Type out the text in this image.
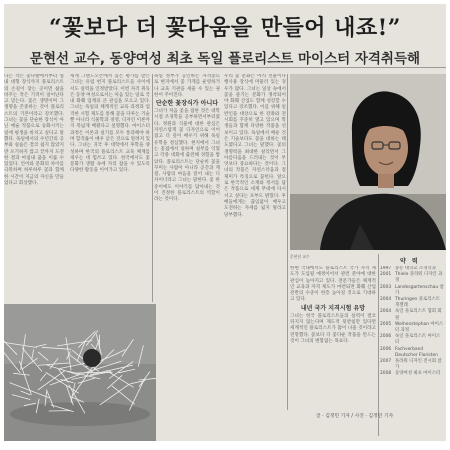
“꽃보다 더 꽃다움을 만들어 내죠!”
문현선 교수, 동양여성 최초 독일 플로리스트 마이스터 자격취득해

나는 작은 꽃다발에서부터 실내 대형 장식까지 플로리스트의 손길이 닿는 곳이면 삶을 바꾸는 작은 기적이 일어난다고 믿는다. 꽃은 생명이며 그 생명을 존중하는 것이 플로리스트의 기본이라고 강조했다. 그녀는 꽃을 단순한 장식이 아닌 예술 작품으로 승화시키는 일에 평생을 바치고 싶다고 말했다. 독일에서의 수년간의 공부와 실습은 결코 쉽지 않았지만 포기하지 않고 끝까지 도전한 결과 마침내 꿈을 이룰 수 있었다. 언어와 문화의 차이를 극복하며 하루하루 꽃과 함께한 시간이 지금의 자신을 만들었다고 회상했다.

세계 그랜드오픈에서 높은 평가를 받은 그녀는 유럽 현지 플로리스트들 사이에서도 실력을 인정받았다. 이번 자격 취득은 동양 여성으로서는 처음 있는 일로 국내 화훼 업계의 큰 관심을 모으고 있다. 그녀는 독일의 체계적인 교육 과정과 엄격한 시험 제도를 통해 꽃을 다루는 기술뿐 아니라 식물학과 경영, 디자인 이론까지 폭넓게 배웠다고 설명했다. 마이스터 과정은 이론과 실기를 모두 통과해야 하며 합격률이 매우 낮은 것으로 알려져 있다. 그녀는 귀국 후 대학에서 후학을 양성하며 한국의 플로리스트 교육 체계를 세우는 데 힘쓰고 있다. 한국에서도 꽃 문화가 생활 속에 자리 잡을 수 있도록 다양한 활동을 이어가고 있다.

독일 정부가 공인하는 자격증으로 현지에서 꽃 가게를 운영하거나 교육 기관을 세울 수 있는 권한이 주어진다.

단순한 꽃장식가 아니다

그녀가 처음 꽃을 접한 것은 대학 시절 조경학을 공부하면서부터였다. 정원과 식물에 대한 관심은 자연스럽게 꽃 디자인으로 이어졌고 더 깊이 배우기 위해 독일 유학을 결심했다. 현지에서 그녀는 꽃집에서 일하며 실무를 익혔고 각종 대회에 출전해 경험을 쌓았다. 플로리스트는 단순히 꽃을 꾸미는 사람이 아니라 공간과 계절, 사람의 마음을 읽어 내는 디자이너라고 그녀는 말한다. 꽃 한 송이에도 이야기를 담아내는 것이 진정한 플로리스트의 역할이라는 것이다.

우리 꽃 문화는 아직 선물이나 행사용 장식에 머물러 있는 경우가 많다. 그녀는 일상 속에서 꽃을 즐기는 문화가 정착되어야 화훼 산업도 함께 성장할 수 있다고 강조했다. 이를 위해 일반인을 대상으로 한 강좌와 전시회를 꾸준히 열고 있으며 학생들과 함께 다양한 작품을 선보이고 있다. 독일에서 배운 것은 기술보다도 꽃을 대하는 태도였다고 그녀는 말했다. 꽃의 생명력을 최대한 살리면서 그 아름다움을 드러내는 것이 무엇보다 중요하다는 것이다. 그녀의 작품은 자연스러움과 절제미가 특징으로 꼽힌다. 앞으로 한국적인 소재와 정서를 담은 작품으로 세계 무대에 다시 서고 싶다는 포부도 밝혔다. 후배들에게는 끊임없이 배우고 도전하는 자세를 잃지 말라고 당부했다.

한편 국내에서도 플로리스트 국가 자격 제도가 도입될 예정이어서 관련 분야에 대한 관심이 높아지고 있다. 전문가들은 체계적인 교육과 자격 제도가 마련되면 화훼 산업 전반의 수준이 한층 높아질 것으로 기대하고 있다.

내년 국가 지격시험 유망

그녀는 한국 플로리스트들의 실력이 결코 뒤지지 않는다며 제도적 뒷받침만 있다면 세계적인 플로리스트가 많이 나올 것이라고 전망했다. 꽃보다 더 꽃다운 작품을 만드는 것이 그녀의 변함없는 목표다.

문현선 교수
약 력
1997 숭문 대학교 조경학과
2001 Thiele 플라워 디자인 과정
2003 Landesgartenschau 참가
2004 Thuringen 플로리스트 게젤레
2004 독일 플로리스트 협회 회원
2005 Weihenstephan 마이스터 과정
2006 독일 플로리스트 마이스터
2006 Fachverband Deutscher Floristen
2007 플라워 디자인 전시회 참가
2008 동양여성 최초 마이스터
글 · 김정민 기자 / 사진 · 김정민 기자
